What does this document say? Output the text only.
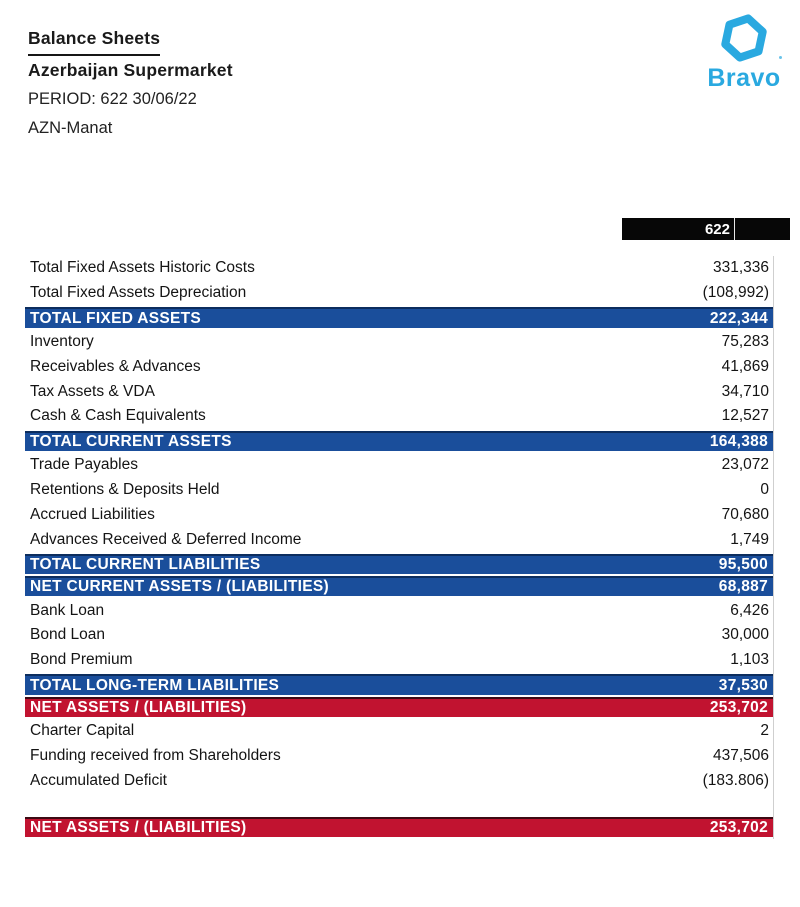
Balance Sheets
Azerbaijan Supermarket
PERIOD: 622 30/06/22
AZN-Manat
Bravo
622
Total Fixed Assets Historic Costs	331,336
Total Fixed Assets Depreciation	(108,992)
TOTAL FIXED ASSETS	222,344
Inventory	75,283
Receivables & Advances	41,869
Tax Assets & VDA	34,710
Cash & Cash Equivalents	12,527
TOTAL CURRENT ASSETS	164,388
Trade Payables	23,072
Retentions & Deposits Held	0
Accrued Liabilities	70,680
Advances Received & Deferred Income	1,749
TOTAL CURRENT LIABILITIES	95,500
NET CURRENT ASSETS / (LIABILITIES)	68,887
Bank Loan	6,426
Bond Loan	30,000
Bond Premium	1,103
TOTAL LONG-TERM LIABILITIES	37,530
NET ASSETS / (LIABILITIES)	253,702
Charter Capital	2
Funding received from Shareholders	437,506
Accumulated Deficit	(183.806)
NET ASSETS / (LIABILITIES)	253,702
